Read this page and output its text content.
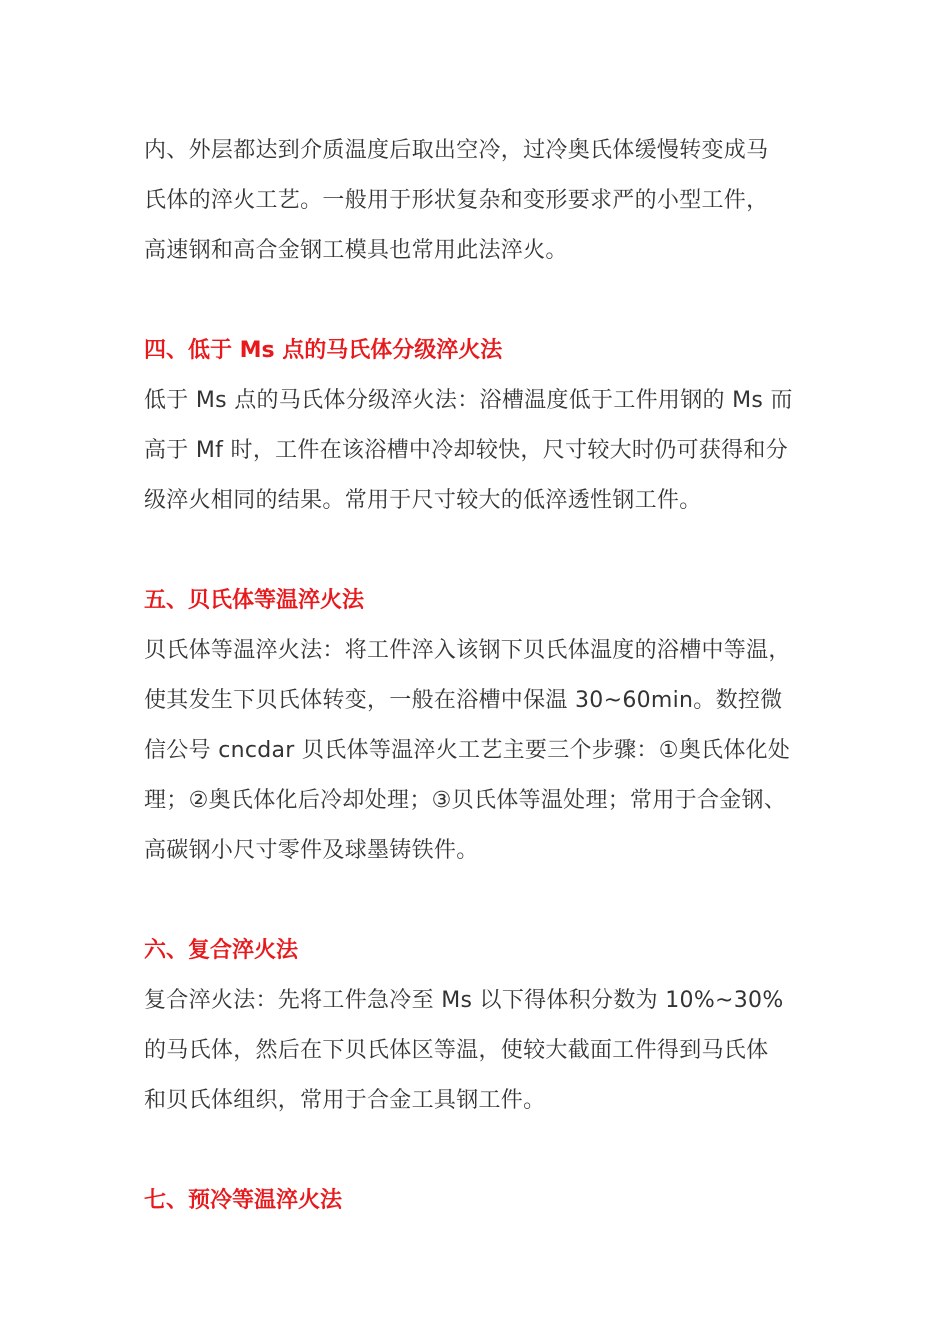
内、外层都达到介质温度后取出空冷，过冷奥氏体缓慢转变成马
氏体的淬火工艺。一般用于形状复杂和变形要求严的小型工件，
高速钢和高合金钢工模具也常用此法淬火。

四、低于 Ms 点的马氏体分级淬火法

低于 Ms 点的马氏体分级淬火法：浴槽温度低于工件用钢的 Ms 而
高于 Mf 时，工件在该浴槽中冷却较快，尺寸较大时仍可获得和分
级淬火相同的结果。常用于尺寸较大的低淬透性钢工件。

五、贝氏体等温淬火法

贝氏体等温淬火法：将工件淬入该钢下贝氏体温度的浴槽中等温，
使其发生下贝氏体转变，一般在浴槽中保温 30~60min。数控微
信公号 cncdar 贝氏体等温淬火工艺主要三个步骤：①奥氏体化处
理；②奥氏体化后冷却处理；③贝氏体等温处理；常用于合金钢、
高碳钢小尺寸零件及球墨铸铁件。

六、复合淬火法

复合淬火法：先将工件急冷至 Ms 以下得体积分数为 10%~30%
的马氏体，然后在下贝氏体区等温，使较大截面工件得到马氏体
和贝氏体组织，常用于合金工具钢工件。

七、预冷等温淬火法
